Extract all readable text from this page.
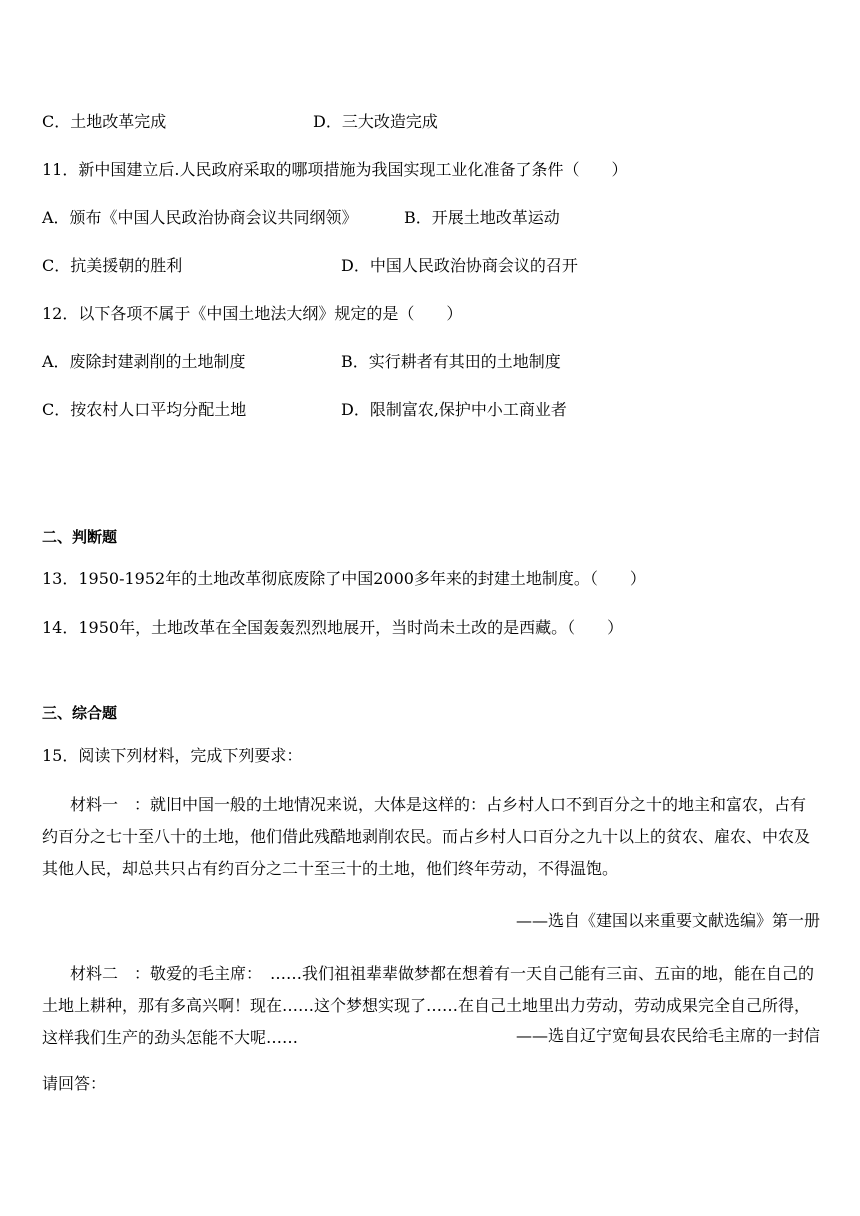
C．土地改革完成	D．三大改造完成
11．新中国建立后.人民政府采取的哪项措施为我国实现工业化准备了条件（　　）
A．颁布《中国人民政治协商会议共同纲领》	B．开展土地改革运动
C．抗美援朝的胜利	D．中国人民政治协商会议的召开
12．以下各项不属于《中国土地法大纲》规定的是（　　）
A．废除封建剥削的土地制度	B．实行耕者有其田的土地制度
C．按农村人口平均分配土地	D．限制富农,保护中小工商业者
二、判断题
13．1950-1952年的土地改革彻底废除了中国2000多年来的封建土地制度。（　　）
14．1950年，土地改革在全国轰轰烈烈地展开，当时尚未土改的是西藏。（　　）
三、综合题
15．阅读下列材料，完成下列要求：
材料一　：就旧中国一般的土地情况来说，大体是这样的：占乡村人口不到百分之十的地主和富农，占有约百分之七十至八十的土地，他们借此残酷地剥削农民。而占乡村人口百分之九十以上的贫农、雇农、中农及其他人民，却总共只占有约百分之二十至三十的土地，他们终年劳动，不得温饱。
——选自《建国以来重要文献选编》第一册
材料二　：敬爱的毛主席：　……我们祖祖辈辈做梦都在想着有一天自己能有三亩、五亩的地，能在自己的土地上耕种，那有多高兴啊！现在……这个梦想实现了……在自己土地里出力劳动，劳动成果完全自己所得，这样我们生产的劲头怎能不大呢……	——选自辽宁宽甸县农民给毛主席的一封信
请回答：
